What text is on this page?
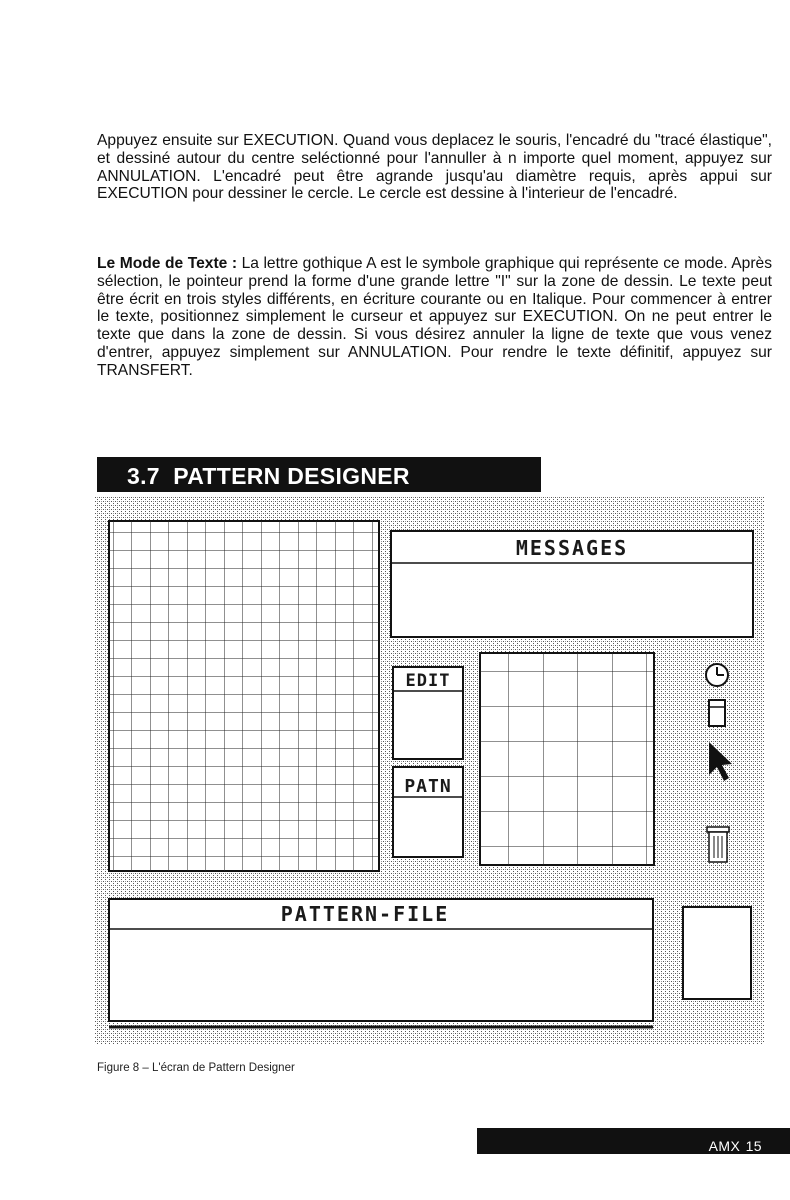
Appuyez ensuite sur EXECUTION. Quand vous deplacez le souris, l'encadré du "tracé élastique", et dessiné autour du centre seléctionné pour l'annuller à n importe quel moment, appuyez sur ANNULATION. L'encadré peut être agrande jusqu'au diamètre requis, après appui sur EXECUTION pour dessiner le cercle. Le cercle est dessine à l'interieur de l'encadré.

Le Mode de Texte : La lettre gothique A est le symbole graphique qui représente ce mode. Après sélection, le pointeur prend la forme d'une grande lettre "I" sur la zone de dessin. Le texte peut être écrit en trois styles différents, en écriture courante ou en Italique. Pour commencer à entrer le texte, positionnez simplement le curseur et appuyez sur EXECUTION. On ne peut entrer le texte que dans la zone de dessin. Si vous désirez annuler la ligne de texte que vous venez d'entrer, appuyez simplement sur ANNULATION. Pour rendre le texte définitif, appuyez sur TRANSFERT.

3.7 PATTERN DESIGNER
MESSAGES
EDIT
PATN
PATTERN-FILE
Figure 8 – L'écran de Pattern Designer
AMX MOUSE

15
